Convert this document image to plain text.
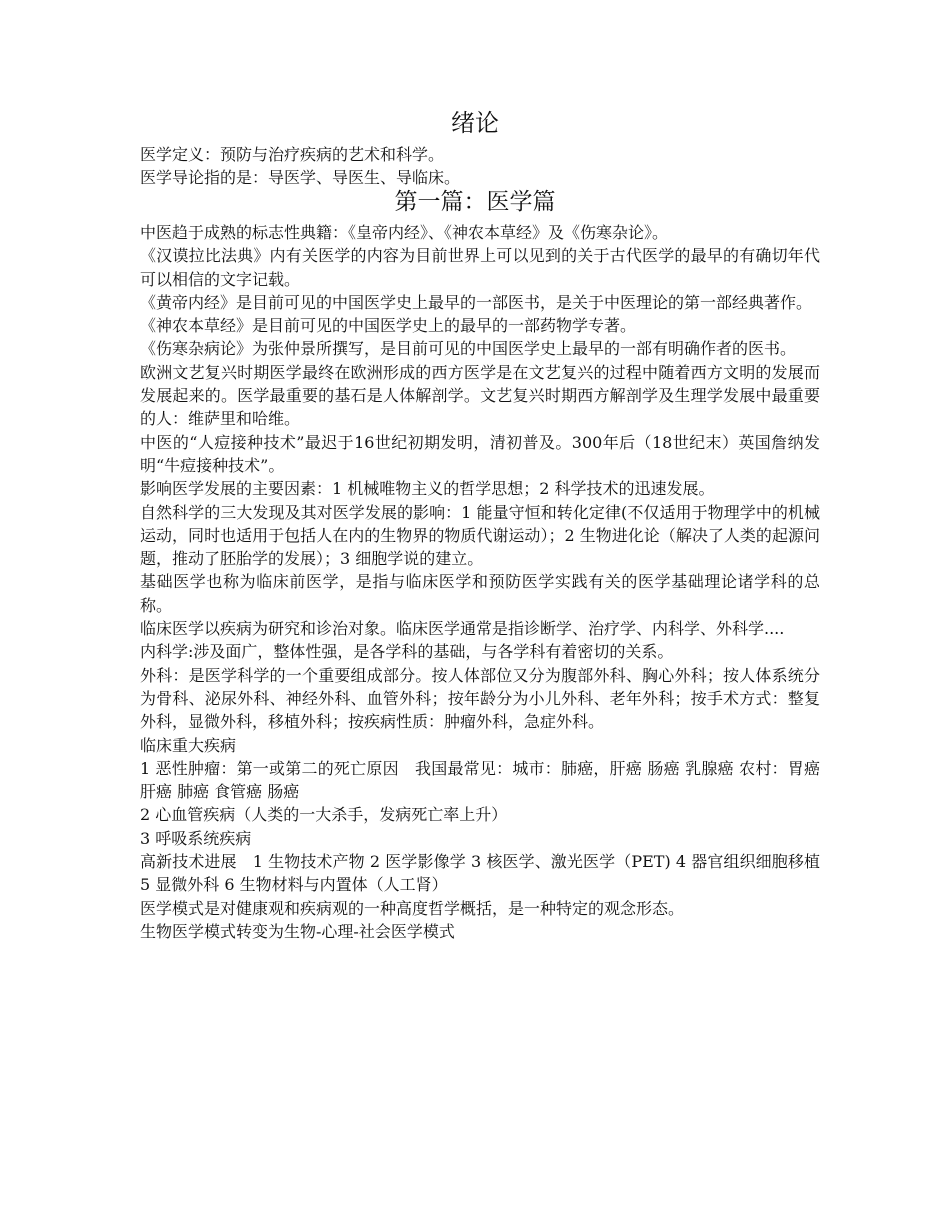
绪论

医学定义：预防与治疗疾病的艺术和科学。

医学导论指的是：导医学、导医生、导临床。

第一篇：医学篇

中医趋于成熟的标志性典籍：《皇帝内经》、《神农本草经》及《伤寒杂论》。

《汉谟拉比法典》内有关医学的内容为目前世界上可以见到的关于古代医学的最早的有确切年代可以相信的文字记载。

《黄帝内经》是目前可见的中国医学史上最早的一部医书，是关于中医理论的第一部经典著作。

《神农本草经》是目前可见的中国医学史上的最早的一部药物学专著。

《伤寒杂病论》为张仲景所撰写，是目前可见的中国医学史上最早的一部有明确作者的医书。

欧洲文艺复兴时期医学最终在欧洲形成的西方医学是在文艺复兴的过程中随着西方文明的发展而发展起来的。医学最重要的基石是人体解剖学。文艺复兴时期西方解剖学及生理学发展中最重要的人：维萨里和哈维。

中医的“人痘接种技术”最迟于16世纪初期发明，清初普及。300年后（18世纪末）英国詹纳发明“牛痘接种技术”。

影响医学发展的主要因素：1 机械唯物主义的哲学思想；2 科学技术的迅速发展。

自然科学的三大发现及其对医学发展的影响：1 能量守恒和转化定律(不仅适用于物理学中的机械运动，同时也适用于包括人在内的生物界的物质代谢运动）；2 生物进化论（解决了人类的起源问题，推动了胚胎学的发展）；3 细胞学说的建立。

基础医学也称为临床前医学，是指与临床医学和预防医学实践有关的医学基础理论诸学科的总称。

临床医学以疾病为研究和诊治对象。临床医学通常是指诊断学、治疗学、内科学、外科学....

内科学:涉及面广，整体性强，是各学科的基础，与各学科有着密切的关系。

外科：是医学科学的一个重要组成部分。按人体部位又分为腹部外科、胸心外科；按人体系统分为骨科、泌尿外科、神经外科、血管外科；按年龄分为小儿外科、老年外科；按手术方式：整复外科，显微外科，移植外科；按疾病性质：肿瘤外科，急症外科。

临床重大疾病

1 恶性肿瘤：第一或第二的死亡原因　我国最常见：城市：肺癌，肝癌 肠癌 乳腺癌 农村：胃癌 肝癌 肺癌 食管癌 肠癌

2 心血管疾病（人类的一大杀手，发病死亡率上升）

3 呼吸系统疾病

高新技术进展　1 生物技术产物 2 医学影像学 3 核医学、激光医学（PET) 4 器官组织细胞移植 5 显微外科 6 生物材料与内置体（人工肾）

医学模式是对健康观和疾病观的一种高度哲学概括，是一种特定的观念形态。

生物医学模式转变为生物-心理-社会医学模式
